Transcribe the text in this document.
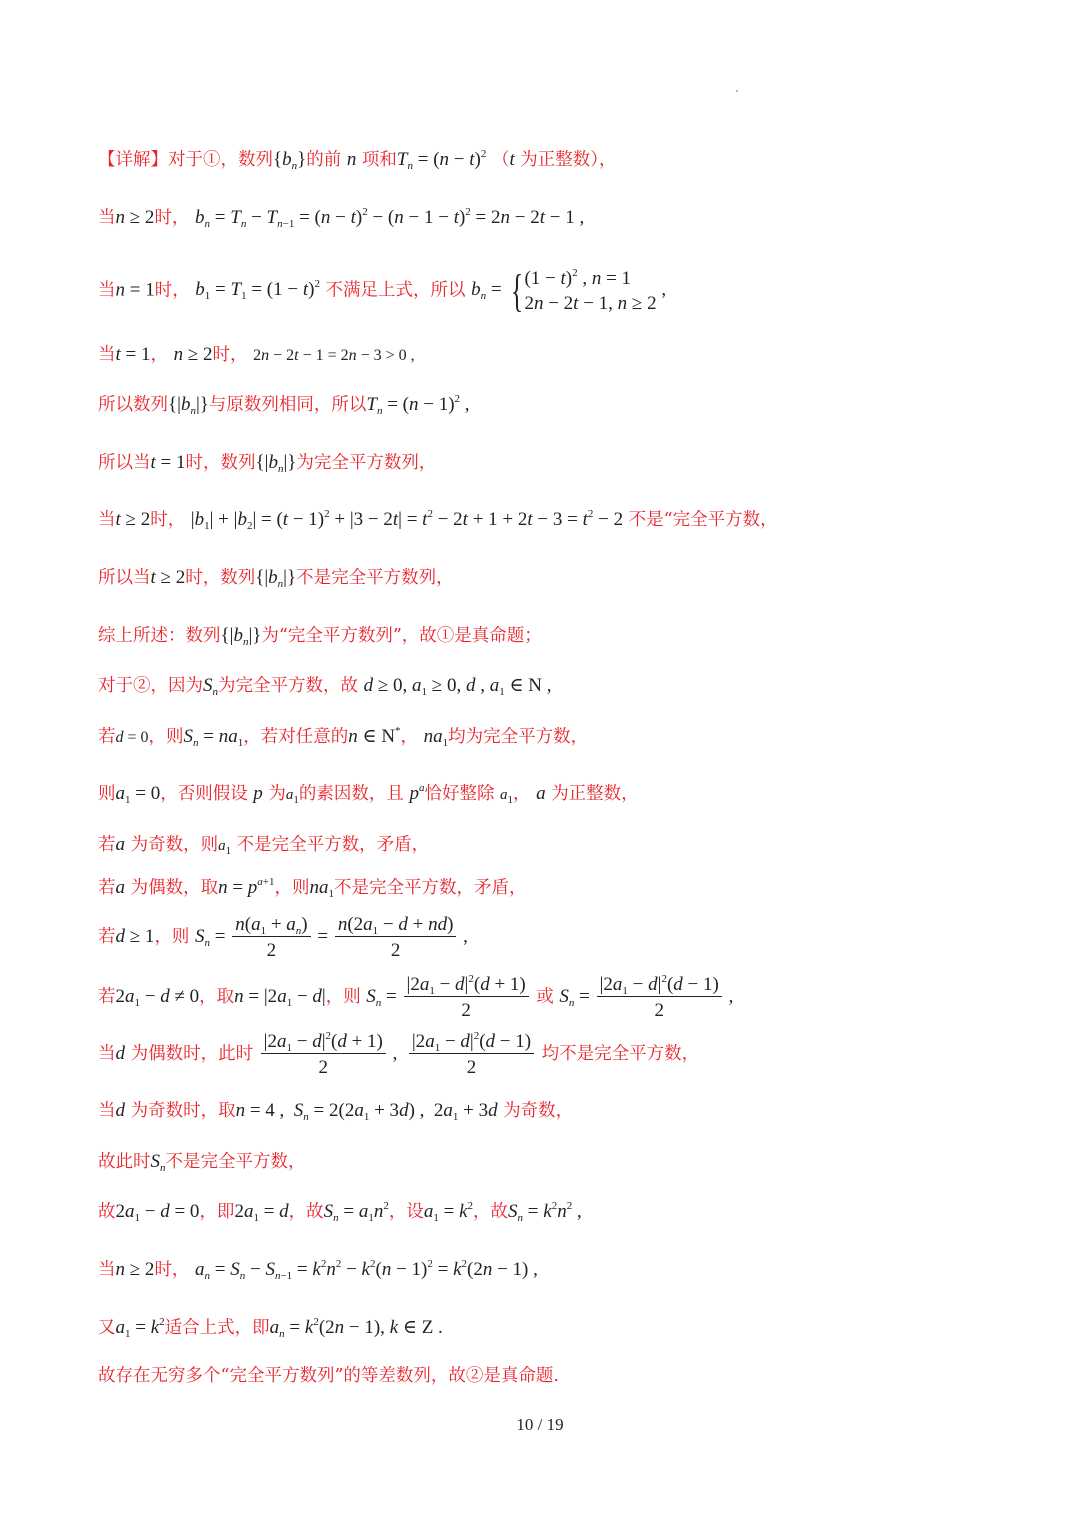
【详解】对于①，数列$\{b_n\}$的前 n 项和$T_n = (n - t)^2$ （t 为正整数），
当n ≥ 2时， $b_n = T_n - T_{n-1} = (n - t)^2 - (n - 1 - t)^2 = 2n - 2t - 1$ ,
当n = 1时， $b_1 = T_1 = (1 - t)^2$ 不满足上式，所以 $b_n$ = { $(1 - t)^2$ , n = 1
2n − 2t − 1, n ≥ 2
,
当t = 1， n ≥ 2时， 2n − 2t − 1 = 2n − 3 > 0 ,
所以数列$\{|b_n|\}$与原数列相同，所以$T_n = (n - 1)^2$ ,
所以当t = 1时，数列$\{|b_n|\}$为完全平方数列，
当t ≥ 2时， $|b_1| + |b_2| = (t - 1)^2 + |3 - 2t| = t^2 - 2t + 1 + 2t - 3 = t^2 - 2$ 不是“完全平方数，
所以当t ≥ 2时，数列$\{|b_n|\}$不是完全平方数列，
综上所述：数列$\{|b_n|\}$为“完全平方数列”，故①是真命题；
对于②，因为$S_n$为完全平方数，故 d ≥ 0, $a_1 \ge 0$, d , $a_1$ ∈ N ,
若d = 0，则$S_n = na_1$，若对任意的n ∈ N*， $na_1$均为完全平方数，
则$a_1 = 0$，否则假设 p 为$a_1$的素因数，且 $p^a$恰好整除 $a_1$， a 为正整数，
若a 为奇数，则$a_1$ 不是完全平方数，矛盾，
若a 为偶数，取$n = p^{a+1}$，则$na_1$不是完全平方数，矛盾，
若d ≥ 1，则 $S_n = \frac{n(a_1 + a_n)}{2} = \frac{n(2a_1 - d + nd)}{2}$ ,
若$2a_1 - d \ne 0$，取$n = |2a_1 - d|$，则 $S_n = \frac{|2a_1 - d|^2(d + 1)}{2}$ 或 $S_n = \frac{|2a_1 - d|^2(d - 1)}{2}$ ,
当d 为偶数时，此时 $\frac{|2a_1 - d|^2(d + 1)}{2}$ , $\frac{|2a_1 - d|^2(d - 1)}{2}$ 均不是完全平方数，
当d 为奇数时，取n = 4 ,  $S_n = 2(2a_1 + 3d)$ ,  $2a_1 + 3d$ 为奇数，
故此时$S_n$不是完全平方数，
故$2a_1 - d = 0$，即$2a_1 = d$，故$S_n = a_1n^2$，设$a_1 = k^2$，故$S_n = k^2n^2$ ,
当n ≥ 2时， $a_n = S_n - S_{n-1} = k^2n^2 - k^2(n - 1)^2 = k^2(2n - 1)$ ,
又$a_1 = k^2$适合上式，即$a_n = k^2(2n - 1)$, k ∈ Z .
故存在无穷多个“完全平方数列”的等差数列，故②是真命题.
10 / 19
